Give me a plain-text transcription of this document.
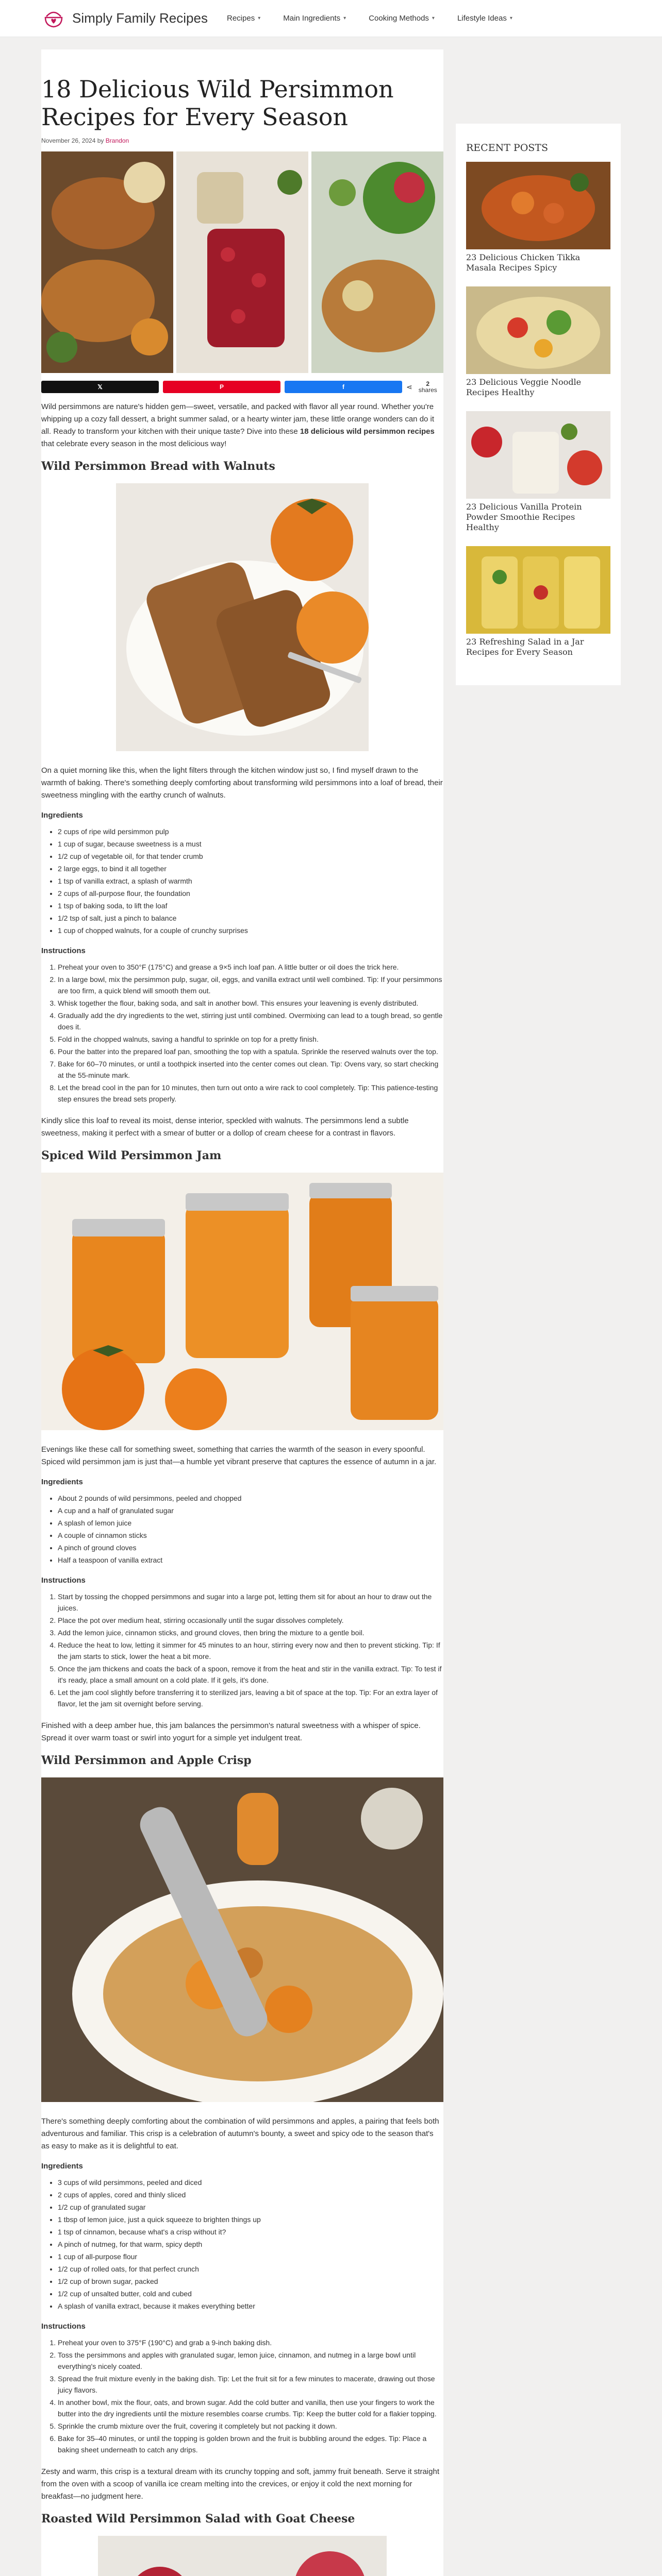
Simply Family Recipes Recipes ▾	Main Ingredients ▾	Cooking Methods ▾	Lifestyle Ideas ▾
18 Delicious Wild Persimmon Recipes for Every Season
November 26, 2024 by Brandon
𝕏	P	f	⋖	2
shares

Wild persimmons are nature's hidden gem—sweet, versatile, and packed with flavor all year round. Whether you're whipping up a cozy fall dessert, a bright summer salad, or a hearty winter jam, these little orange wonders can do it all. Ready to transform your kitchen with their unique taste? Dive into these 18 delicious wild persimmon recipes that celebrate every season in the most delicious way!

Wild Persimmon Bread with Walnuts

On a quiet morning like this, when the light filters through the kitchen window just so, I find myself drawn to the warmth of baking. There's something deeply comforting about transforming wild persimmons into a loaf of bread, their sweetness mingling with the earthy crunch of walnuts.

Ingredients
• 2 cups of ripe wild persimmon pulp
• 1 cup of sugar, because sweetness is a must
• 1/2 cup of vegetable oil, for that tender crumb
• 2 large eggs, to bind it all together
• 1 tsp of vanilla extract, a splash of warmth
• 2 cups of all-purpose flour, the foundation
• 1 tsp of baking soda, to lift the loaf
• 1/2 tsp of salt, just a pinch to balance
• 1 cup of chopped walnuts, for a couple of crunchy surprises
Instructions
1. Preheat your oven to 350°F (175°C) and grease a 9×5 inch loaf pan. A little butter or oil does the trick here.
2. In a large bowl, mix the persimmon pulp, sugar, oil, eggs, and vanilla extract until well combined. Tip: If your persimmons are too firm, a quick blend will smooth them out.
3. Whisk together the flour, baking soda, and salt in another bowl. This ensures your leavening is evenly distributed.
4. Gradually add the dry ingredients to the wet, stirring just until combined. Overmixing can lead to a tough bread, so gentle does it.
5. Fold in the chopped walnuts, saving a handful to sprinkle on top for a pretty finish.
6. Pour the batter into the prepared loaf pan, smoothing the top with a spatula. Sprinkle the reserved walnuts over the top.
7. Bake for 60–70 minutes, or until a toothpick inserted into the center comes out clean. Tip: Ovens vary, so start checking at the 55-minute mark.
8. Let the bread cool in the pan for 10 minutes, then turn out onto a wire rack to cool completely. Tip: This patience-testing step ensures the bread sets properly.

Kindly slice this loaf to reveal its moist, dense interior, speckled with walnuts. The persimmons lend a subtle sweetness, making it perfect with a smear of butter or a dollop of cream cheese for a contrast in flavors.

Spiced Wild Persimmon Jam

Evenings like these call for something sweet, something that carries the warmth of the season in every spoonful. Spiced wild persimmon jam is just that—a humble yet vibrant preserve that captures the essence of autumn in a jar.

Ingredients
• About 2 pounds of wild persimmons, peeled and chopped
• A cup and a half of granulated sugar
• A splash of lemon juice
• A couple of cinnamon sticks
• A pinch of ground cloves
• Half a teaspoon of vanilla extract
Instructions
1. Start by tossing the chopped persimmons and sugar into a large pot, letting them sit for about an hour to draw out the juices.
2. Place the pot over medium heat, stirring occasionally until the sugar dissolves completely.
3. Add the lemon juice, cinnamon sticks, and ground cloves, then bring the mixture to a gentle boil.
4. Reduce the heat to low, letting it simmer for 45 minutes to an hour, stirring every now and then to prevent sticking. Tip: If the jam starts to stick, lower the heat a bit more.
5. Once the jam thickens and coats the back of a spoon, remove it from the heat and stir in the vanilla extract. Tip: To test if it's ready, place a small amount on a cold plate. If it gels, it's done.
6. Let the jam cool slightly before transferring it to sterilized jars, leaving a bit of space at the top. Tip: For an extra layer of flavor, let the jam sit overnight before serving.

Finished with a deep amber hue, this jam balances the persimmon's natural sweetness with a whisper of spice. Spread it over warm toast or swirl into yogurt for a simple yet indulgent treat.

Wild Persimmon and Apple Crisp

There's something deeply comforting about the combination of wild persimmons and apples, a pairing that feels both adventurous and familiar. This crisp is a celebration of autumn's bounty, a sweet and spicy ode to the season that's as easy to make as it is delightful to eat.

Ingredients
• 3 cups of wild persimmons, peeled and diced
• 2 cups of apples, cored and thinly sliced
• 1/2 cup of granulated sugar
• 1 tbsp of lemon juice, just a quick squeeze to brighten things up
• 1 tsp of cinnamon, because what's a crisp without it?
• A pinch of nutmeg, for that warm, spicy depth
• 1 cup of all-purpose flour
• 1/2 cup of rolled oats, for that perfect crunch
• 1/2 cup of brown sugar, packed
• 1/2 cup of unsalted butter, cold and cubed
• A splash of vanilla extract, because it makes everything better
Instructions
1. Preheat your oven to 375°F (190°C) and grab a 9-inch baking dish.
2. Toss the persimmons and apples with granulated sugar, lemon juice, cinnamon, and nutmeg in a large bowl until everything's nicely coated.
3. Spread the fruit mixture evenly in the baking dish. Tip: Let the fruit sit for a few minutes to macerate, drawing out those juicy flavors.
4. In another bowl, mix the flour, oats, and brown sugar. Add the cold butter and vanilla, then use your fingers to work the butter into the dry ingredients until the mixture resembles coarse crumbs. Tip: Keep the butter cold for a flakier topping.
5. Sprinkle the crumb mixture over the fruit, covering it completely but not packing it down.
6. Bake for 35–40 minutes, or until the topping is golden brown and the fruit is bubbling around the edges. Tip: Place a baking sheet underneath to catch any drips.

Zesty and warm, this crisp is a textural dream with its crunchy topping and soft, jammy fruit beneath. Serve it straight from the oven with a scoop of vanilla ice cream melting into the crevices, or enjoy it cold the next morning for breakfast—no judgment here.

Roasted Wild Persimmon Salad with Goat Cheese
RECENT POSTS
23 Delicious Chicken Tikka Masala Recipes Spicy
23 Delicious Veggie Noodle Recipes Healthy
23 Delicious Vanilla Protein Powder Smoothie Recipes Healthy
23 Refreshing Salad in a Jar Recipes for Every Season
